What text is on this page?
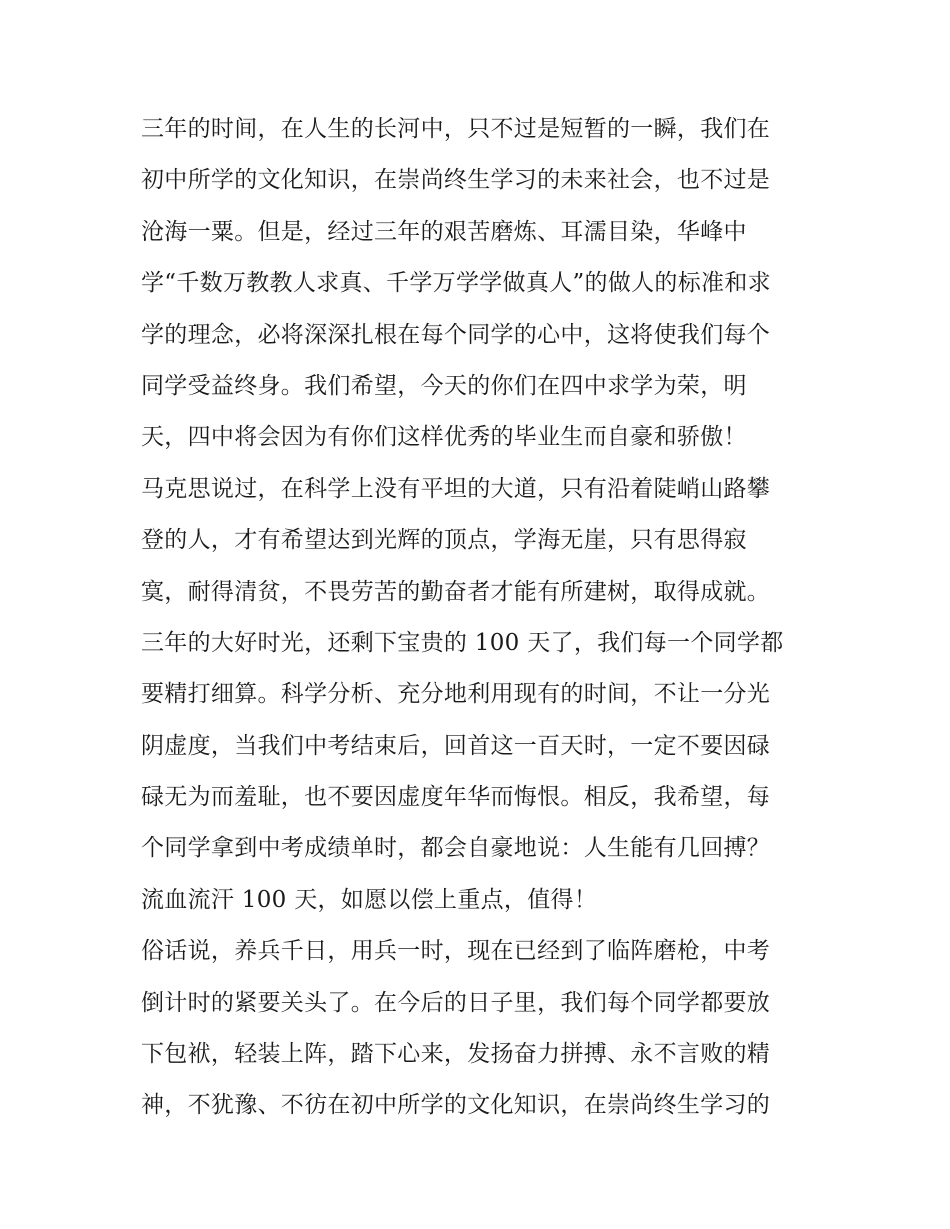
三年的时间，在人生的长河中，只不过是短暂的一瞬，我们在
初中所学的文化知识，在崇尚终生学习的未来社会，也不过是
沧海一粟。但是，经过三年的艰苦磨炼、耳濡目染，华峰中
学“千数万教教人求真、千学万学学做真人”的做人的标准和求
学的理念，必将深深扎根在每个同学的心中，这将使我们每个
同学受益终身。我们希望，今天的你们在四中求学为荣，明
天，四中将会因为有你们这样优秀的毕业生而自豪和骄傲！
马克思说过，在科学上没有平坦的大道，只有沿着陡峭山路攀
登的人，才有希望达到光辉的顶点，学海无崖，只有思得寂
寞，耐得清贫，不畏劳苦的勤奋者才能有所建树，取得成就。
三年的大好时光，还剩下宝贵的 100 天了，我们每一个同学都
要精打细算。科学分析、充分地利用现有的时间，不让一分光
阴虚度，当我们中考结束后，回首这一百天时，一定不要因碌
碌无为而羞耻，也不要因虚度年华而悔恨。相反，我希望，每
个同学拿到中考成绩单时，都会自豪地说：人生能有几回搏？
流血流汗 100 天，如愿以偿上重点，值得！
俗话说，养兵千日，用兵一时，现在已经到了临阵磨枪，中考
倒计时的紧要关头了。在今后的日子里，我们每个同学都要放
下包袱，轻装上阵，踏下心来，发扬奋力拼搏、永不言败的精
神，不犹豫、不彷在初中所学的文化知识，在崇尚终生学习的
